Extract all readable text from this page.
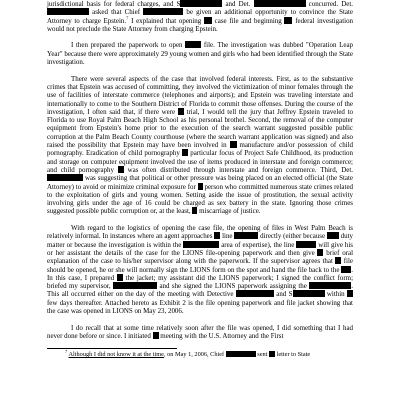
jurisdictional basis for federal charges, and S	and Det.	concurred. Det.  asked that Chief	be given an additional opportunity to convince the State Attorney to charge Epstein.$^7$ I explained that opening  case file and beginning  federal investigation would not preclude the State Attorney from charging Epstein.

I then prepared the paperwork to open  file. The investigation was dubbed "Operation Leap Year" because there were approximately 29 young women and girls who had been identified through the State investigation.

There were several aspects of the case that involved federal interests. First, as to the substantive crimes that Epstein was accused of committing, they involved the victimization of minor females through the use of facilities of interstate commerce (telephones and airports); and Epstein was traveling interstate and internationally to come to the Southern District of Florida to commit those offenses. During the course of the investigation, I often said that, if there were  trial, I would tell the jury that Jeffrey Epstein traveled to Florida to use Royal Palm Beach High School as his personal brothel. Second, the removal of the computer equipment from Epstein's home prior to the execution of the search warrant suggested possible public corruption at the Palm Beach County courthouse (where the search warrant application was signed) and also raised the possibility that Epstein may have been involved in  manufacture and/or possession of child pornography. Eradication of child pornography  particular focus of Project Safe Childhood, its production and storage on computer equipment involved the use of items produced in interstate and foreign commerce; and child pornography  was often distributed through interstate and foreign commerce. Third, Det.  was suggesting that political or other pressure was being placed on an elected official (the State Attorney) to avoid or minimize criminal exposure for  person who committed numerous state crimes related to the exploitation of girls and young women. Setting aside the issue of prostitution, the sexual activity involving girls under the age of 16 could be charged as sex battery in the state. Ignoring those crimes suggested possible public corruption or, at the least,  miscarriage of justice.

With regard to the logistics of opening the case file, the opening of files in West Palm Beach is relatively informal. In instances where an agent approaches  line	directly (either because  duty matter or because the investigation is within the	area of expertise), the line	will give his or her assistant the details of the case for the LIONS file-opening paperwork and then give  brief oral explanation of the case to his/her supervisor along with the paperwork. If the supervisor agrees that  file should be opened, he or she will normally sign the LIONS form on the spot and hand the file back to the . In this case, I prepared  the jacket; my assistant did the LIONS paperwork; I signed the conflict form; briefed my supervisor,	and she signed the LIONS paperwork assigning the	. This all occurred either on the day of the meeting with Detective	and S	within  few days thereafter. Attached hereto as Exhibit 2 is the file opening paperwork and file jacket showing that the case was opened in LIONS on May 23, 2006.

I do recall that at some time relatively soon after the file was opened, I did something that I had never done before or since. I initiated  meeting with the U.S. Attorney and the First

$^7$ Although I did not know it at the time, on May 1, 2006, Chief	sent  letter to State
